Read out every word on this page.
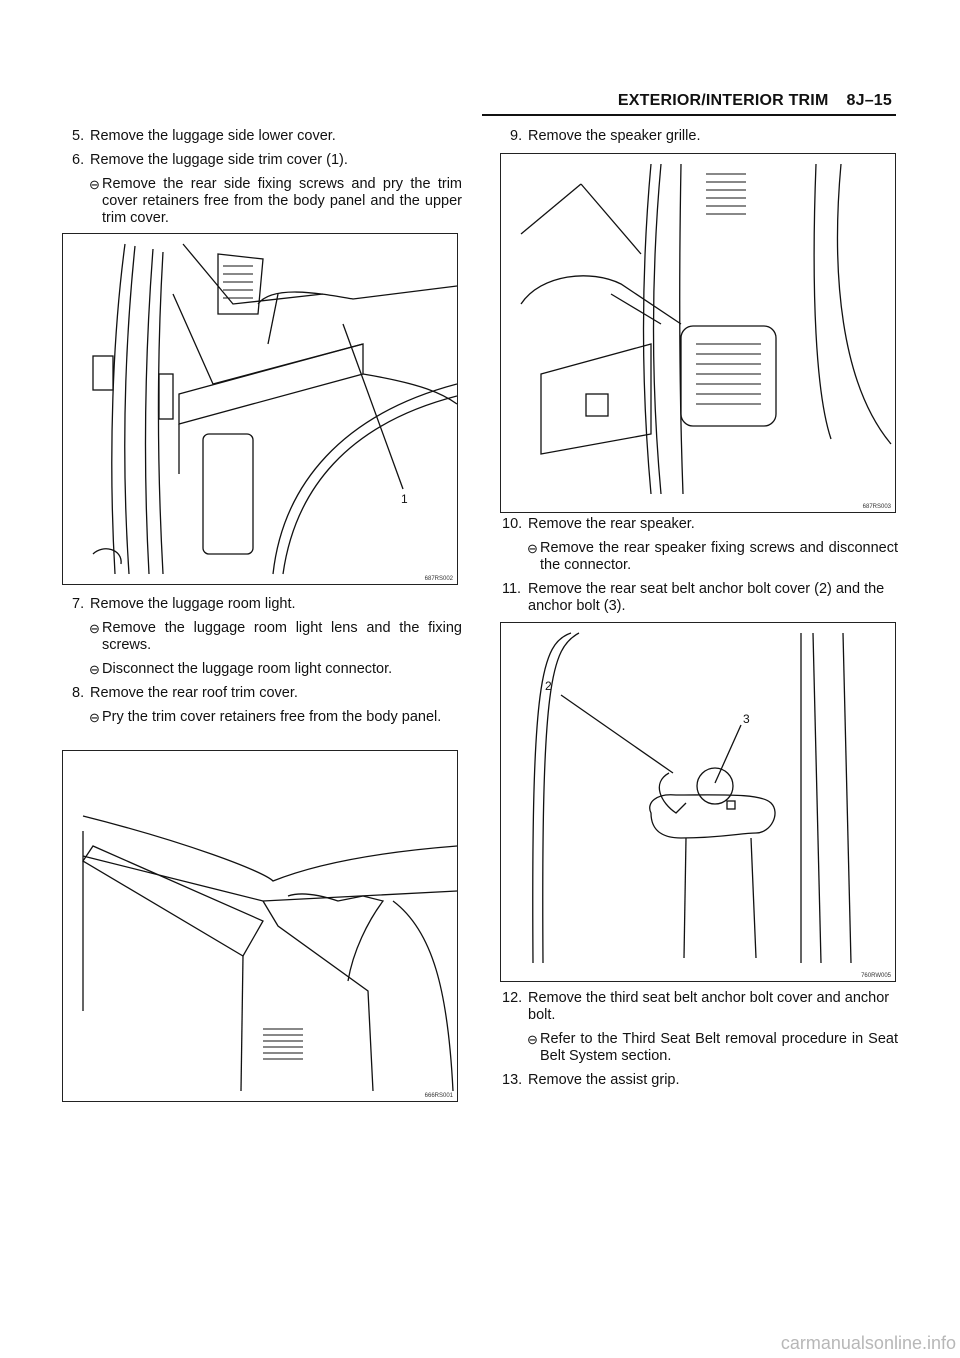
EXTERIOR/INTERIOR TRIM 8J–15
5. Remove the luggage side lower cover.
6. Remove the luggage side trim cover (1).
⊖ Remove the rear side fixing screws and pry the trim cover retainers free from the body panel and the upper trim cover.
1
687RS002
7. Remove the luggage room light.
⊖ Remove the luggage room light lens and the fixing screws.
⊖ Disconnect the luggage room light connector.
8. Remove the rear roof trim cover.
⊖ Pry the trim cover retainers free from the body panel.
666RS001
9. Remove the speaker grille.
687RS003
10. Remove the rear speaker.
⊖ Remove the rear speaker fixing screws and disconnect the connector.
11. Remove the rear seat belt anchor bolt cover (2) and the anchor bolt (3).
2
3
760RW005
12. Remove the third seat belt anchor bolt cover and anchor bolt.
⊖ Refer to the Third Seat Belt removal procedure in Seat Belt System section.
13. Remove the assist grip.
carmanualsonline.info
